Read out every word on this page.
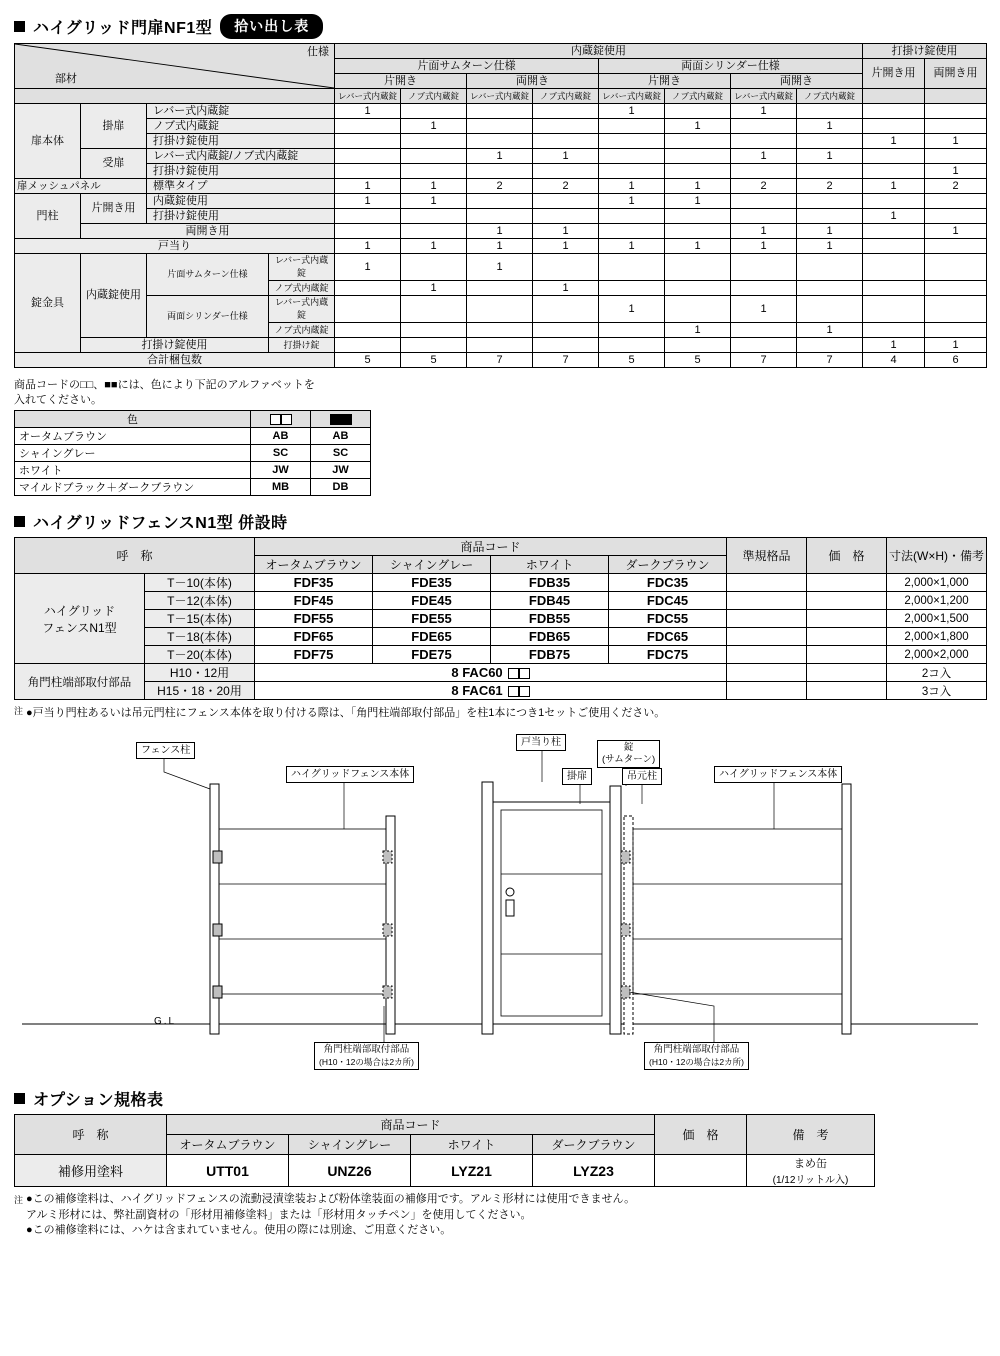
ハイグリッド門扉NF1型	拾い出し表
仕様
部材				内蔵錠使用								打掛け錠使用	
				片面サムターン仕様				両面シリンダー仕様				片開き用	両開き用
				片開き		両開き		片開き		両開き			
				レバー式内蔵錠	ノブ式内蔵錠	レバー式内蔵錠	ノブ式内蔵錠	レバー式内蔵錠	ノブ式内蔵錠	レバー式内蔵錠	ノブ式内蔵錠		
扉本体	掛扉	レバー式内蔵錠		1				1		1			
		ノブ式内蔵錠			1				1		1		
		打掛け錠使用										1	1
	受扉	レバー式内蔵錠/ノブ式内蔵錠				1	1			1	1		
		打掛け錠使用											1
扉メッシュパネル		標準タイプ		1	1	2	2	1	1	2	2	1	2
門柱	片開き用	内蔵錠使用		1	1			1	1				
		打掛け錠使用										1	
	両開き用					1	1			1	1		1
戸当り				1	1	1	1	1	1	1	1		
錠金具	内蔵錠使用	片面サムターン仕様	レバー式内蔵錠	1		1							
			ノブ式内蔵錠		1		1						
		両面シリンダー仕様	レバー式内蔵錠					1		1			
			ノブ式内蔵錠						1		1		
	打掛け錠使用		打掛け錠									1	1
合計梱包数				5	5	7	7	5	5	7	7	4	6
商品コードの□□、■■には、色により下記のアルファベットを
入れてください。
色		
オータムブラウン	AB	AB
シャイングレー	SC	SC
ホワイト	JW	JW
マイルドブラック＋ダークブラウン	MB	DB
ハイグリッドフェンスN1型 併設時
呼　称		商品コード				準規格品	価　格	寸法(W×H)・備考
		オータムブラウン	シャイングレー	ホワイト	ダークブラウン			

ハイグリッド
フェンスN1型	T－10(本体)	FDF35	FDE35	FDB35	FDC35			2,000×1,000
	T－12(本体)	FDF45	FDE45	FDB45	FDC45			2,000×1,200
	T－15(本体)	FDF55	FDE55	FDB55	FDC55			2,000×1,500
	T－18(本体)	FDF65	FDE65	FDB65	FDC65			2,000×1,800
	T－20(本体)	FDF75	FDE75	FDB75	FDC75			2,000×2,000
角門柱端部取付部品	H10・12用	8 FAC60						2コ入
	H15・18・20用	8 FAC61						3コ入
注 ●戸当り門柱あるいは吊元門柱にフェンス本体を取り付ける際は、「角門柱端部取付部品」を柱1本につき1セットご使用ください。
フェンス柱
ハイグリッドフェンス本体
戸当り柱	錠
(サムターン)
掛扉	吊元柱	ハイグリッドフェンス本体
G.L
角門柱端部取付部品
(H10・12の場合は2カ所)
角門柱端部取付部品
(H10・12の場合は2カ所)
オプション規格表
呼　称	商品コード				価　格	備　考
	オータムブラウン	シャイングレー	ホワイト	ダークブラウン		
補修用塗料	UTT01	UNZ26	LYZ21	LYZ23		まめ缶
(1/12リットル入)
注 ●この補修塗料は、ハイグリッドフェンスの流動浸漬塗装および粉体塗装面の補修用です。アルミ形材には使用できません。
アルミ形材には、弊社副資材の「形材用補修塗料」または「形材用タッチペン」を使用してください。
●この補修塗料には、ハケは含まれていません。使用の際には別途、ご用意ください。
